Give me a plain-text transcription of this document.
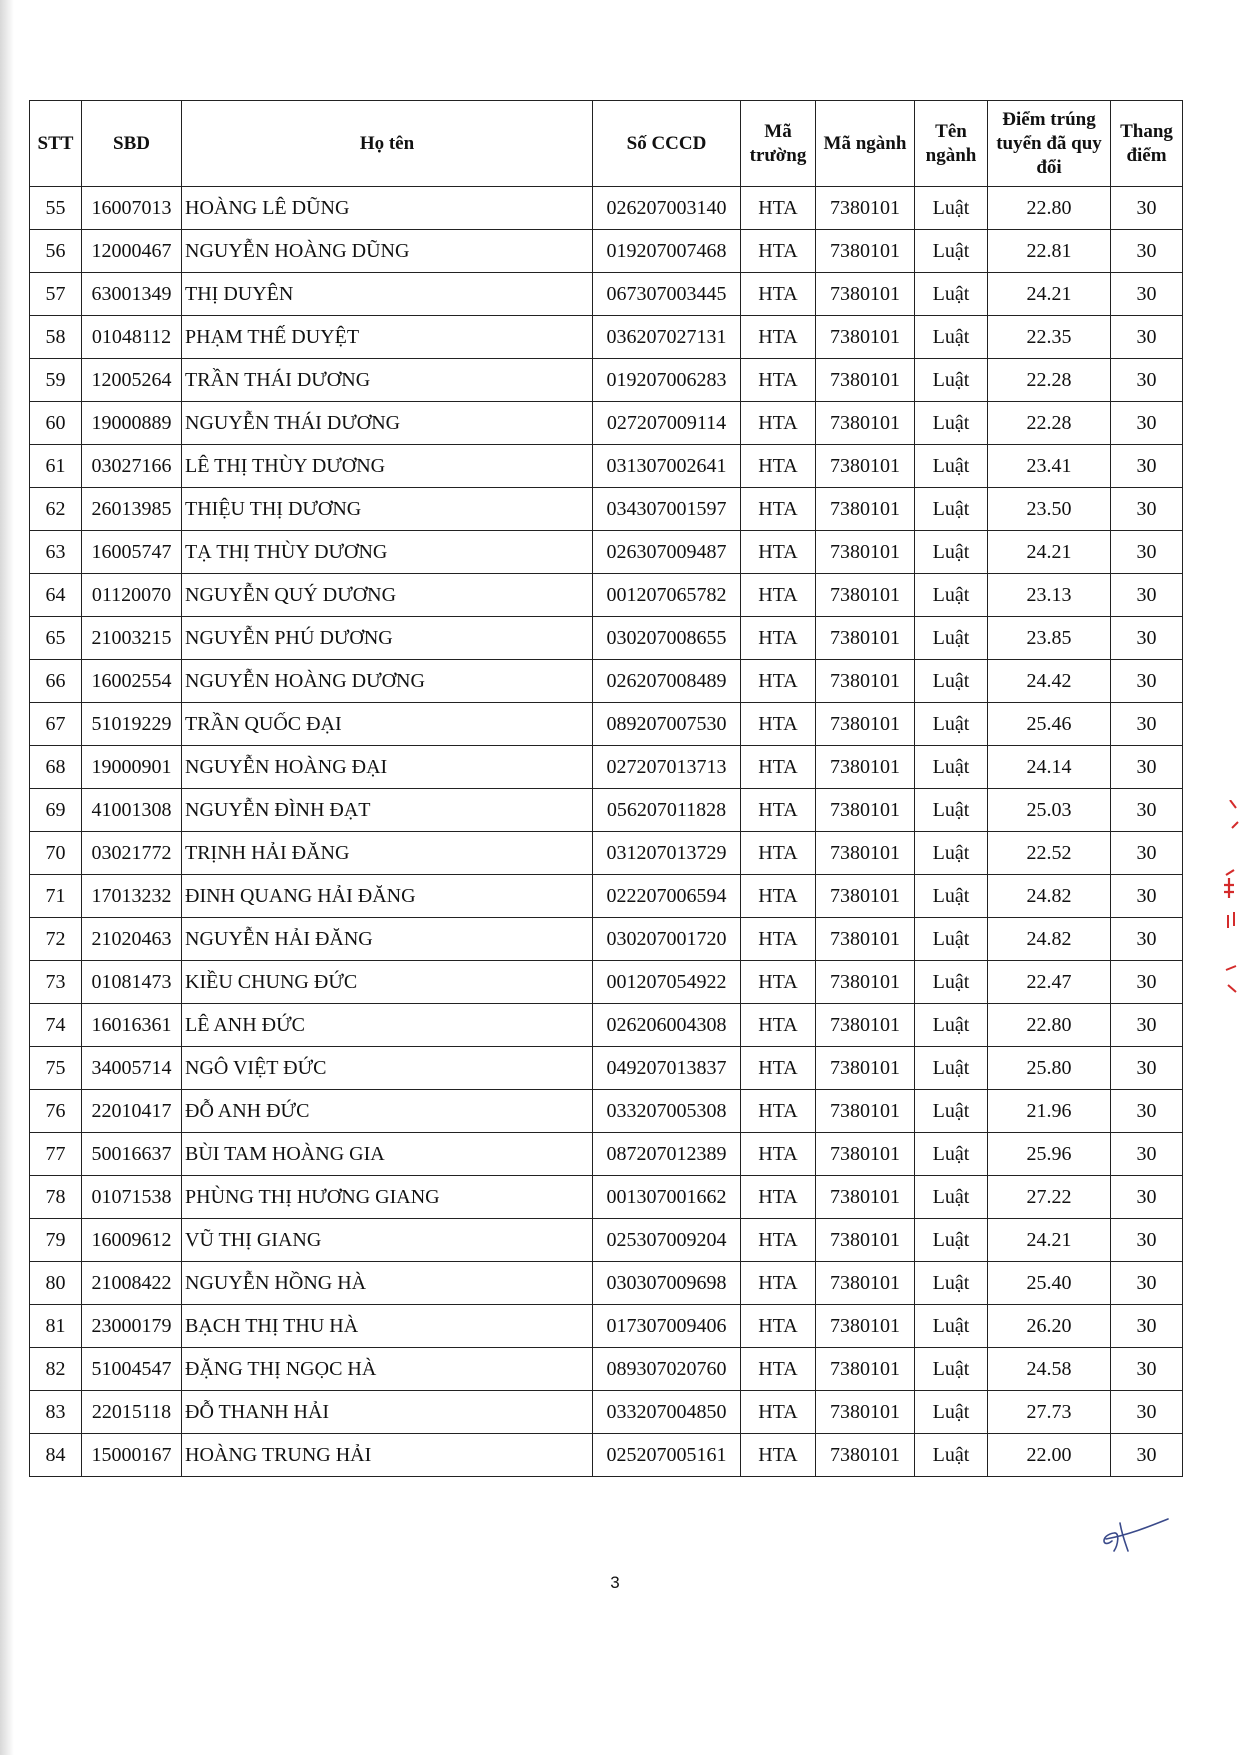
STT	SBD	Họ tên	Số CCCD	Mã trường	Mã ngành	Tên ngành	Điểm trúng tuyển đã quy đổi	Thang điểm
55	16007013	HOÀNG LÊ DŨNG	026207003140	HTA	7380101	Luật	22.80	30
56	12000467	NGUYỄN HOÀNG DŨNG	019207007468	HTA	7380101	Luật	22.81	30
57	63001349	THỊ DUYÊN	067307003445	HTA	7380101	Luật	24.21	30
58	01048112	PHẠM THẾ DUYỆT	036207027131	HTA	7380101	Luật	22.35	30
59	12005264	TRẦN THÁI DƯƠNG	019207006283	HTA	7380101	Luật	22.28	30
60	19000889	NGUYỄN THÁI DƯƠNG	027207009114	HTA	7380101	Luật	22.28	30
61	03027166	LÊ THỊ THÙY DƯƠNG	031307002641	HTA	7380101	Luật	23.41	30
62	26013985	THIỆU THỊ DƯƠNG	034307001597	HTA	7380101	Luật	23.50	30
63	16005747	TẠ THỊ THÙY DƯƠNG	026307009487	HTA	7380101	Luật	24.21	30
64	01120070	NGUYỄN QUÝ DƯƠNG	001207065782	HTA	7380101	Luật	23.13	30
65	21003215	NGUYỄN PHÚ DƯƠNG	030207008655	HTA	7380101	Luật	23.85	30
66	16002554	NGUYỄN HOÀNG DƯƠNG	026207008489	HTA	7380101	Luật	24.42	30
67	51019229	TRẦN QUỐC ĐẠI	089207007530	HTA	7380101	Luật	25.46	30
68	19000901	NGUYỄN HOÀNG ĐẠI	027207013713	HTA	7380101	Luật	24.14	30
69	41001308	NGUYỄN ĐÌNH ĐẠT	056207011828	HTA	7380101	Luật	25.03	30
70	03021772	TRỊNH HẢI ĐĂNG	031207013729	HTA	7380101	Luật	22.52	30
71	17013232	ĐINH QUANG HẢI ĐĂNG	022207006594	HTA	7380101	Luật	24.82	30
72	21020463	NGUYỄN HẢI ĐĂNG	030207001720	HTA	7380101	Luật	24.82	30
73	01081473	KIỀU CHUNG ĐỨC	001207054922	HTA	7380101	Luật	22.47	30
74	16016361	LÊ ANH ĐỨC	026206004308	HTA	7380101	Luật	22.80	30
75	34005714	NGÔ VIỆT ĐỨC	049207013837	HTA	7380101	Luật	25.80	30
76	22010417	ĐỖ ANH ĐỨC	033207005308	HTA	7380101	Luật	21.96	30
77	50016637	BÙI TAM HOÀNG GIA	087207012389	HTA	7380101	Luật	25.96	30
78	01071538	PHÙNG THỊ HƯƠNG GIANG	001307001662	HTA	7380101	Luật	27.22	30
79	16009612	VŨ THỊ GIANG	025307009204	HTA	7380101	Luật	24.21	30
80	21008422	NGUYỄN HỒNG HÀ	030307009698	HTA	7380101	Luật	25.40	30
81	23000179	BẠCH THỊ THU HÀ	017307009406	HTA	7380101	Luật	26.20	30
82	51004547	ĐẶNG THỊ NGỌC HÀ	089307020760	HTA	7380101	Luật	24.58	30
83	22015118	ĐỖ THANH HẢI	033207004850	HTA	7380101	Luật	27.73	30
84	15000167	HOÀNG TRUNG HẢI	025207005161	HTA	7380101	Luật	22.00	30
3
